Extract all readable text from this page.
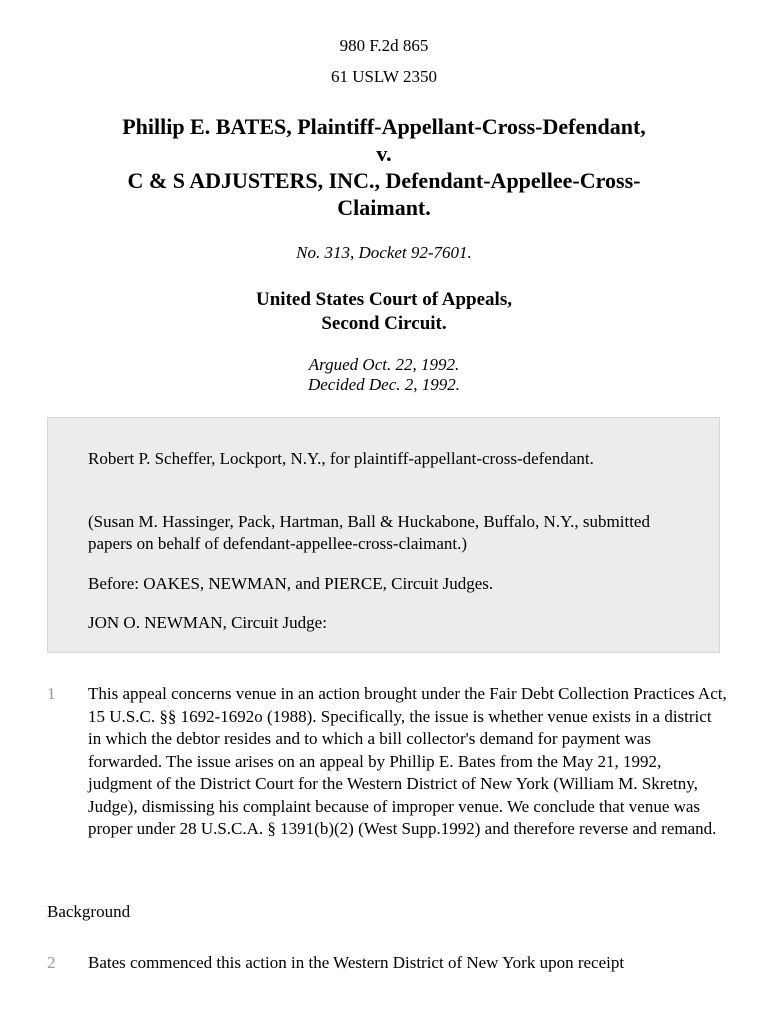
980 F.2d 865
61 USLW 2350
Phillip E. BATES, Plaintiff-Appellant-Cross-Defendant,
v.
C & S ADJUSTERS, INC., Defendant-Appellee-Cross-
Claimant.
No. 313, Docket 92-7601.
United States Court of Appeals,
Second Circuit.
Argued Oct. 22, 1992.
Decided Dec. 2, 1992.

Robert P. Scheffer, Lockport, N.Y., for plaintiff-appellant-cross-defendant.

(Susan M. Hassinger, Pack, Hartman, Ball & Huckabone, Buffalo, N.Y., submitted papers on behalf of defendant-appellee-cross-claimant.)

Before: OAKES, NEWMAN, and PIERCE, Circuit Judges.

JON O. NEWMAN, Circuit Judge:

1 This appeal concerns venue in an action brought under the Fair Debt Collection Practices Act, 15 U.S.C. §§ 1692-1692o (1988). Specifically, the issue is whether venue exists in a district in which the debtor resides and to which a bill collector's demand for payment was forwarded. The issue arises on an appeal by Phillip E. Bates from the May 21, 1992, judgment of the District Court for the Western District of New York (William M. Skretny, Judge), dismissing his complaint because of improper venue. We conclude that venue was proper under 28 U.S.C.A. § 1391(b)(2) (West Supp.1992) and therefore reverse and remand.

Background
2 Bates commenced this action in the Western District of New York upon receipt
